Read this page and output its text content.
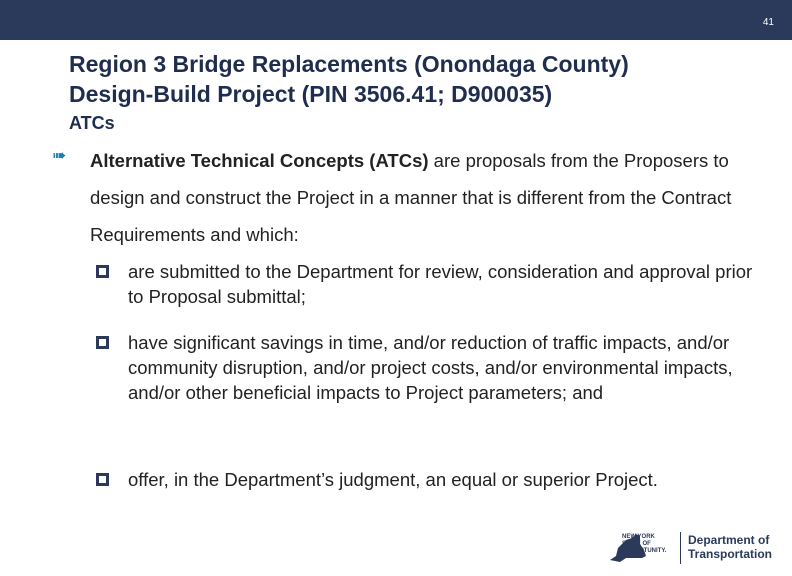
41
Region 3 Bridge Replacements (Onondaga County)
Design-Build Project (PIN 3506.41; D900035)
ATCs
➠ Alternative Technical Concepts (ATCs) are proposals from the Proposers to design and construct the Project in a manner that is different from the Contract Requirements and which:
are submitted to the Department for review, consideration and approval prior to Proposal submittal;
have significant savings in time, and/or reduction of traffic impacts, and/or community disruption, and/or project costs, and/or environmental impacts, and/or other beneficial impacts to Project parameters; and
offer, in the Department’s judgment, an equal or superior Project.
NEW YORK
STATE OF
OPPORTUNITY.
Department of
Transportation
